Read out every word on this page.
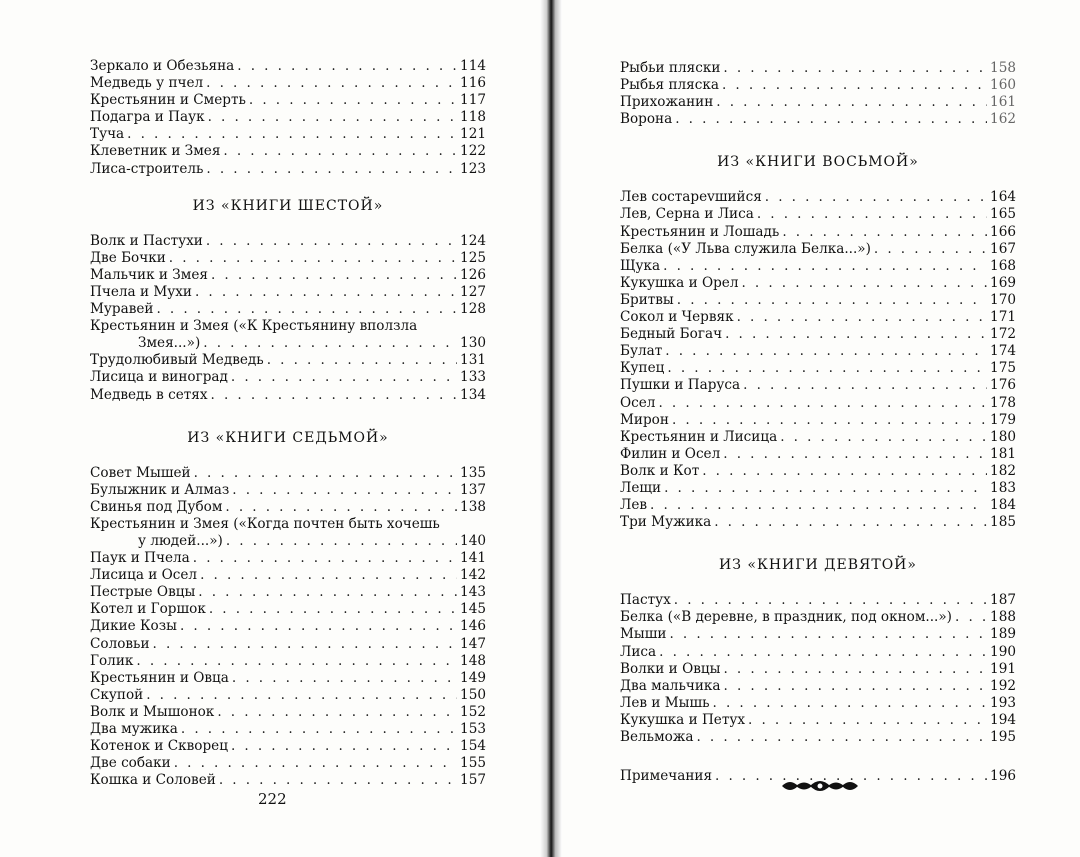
Зеркало и Обезьяна . . .	114
Медведь у пчел . . .	116
Крестьянин и Смерть . . .	117
Подагра и Паук . . .	118
Туча . . .	121
Клеветник и Змея . . .	122
Лиса-строитель . . .	123
ИЗ «КНИГИ ШЕСТОЙ»
Волк и Пастухи . . .	124
Две Бочки . . .	125
Мальчик и Змея . . .	126
Пчела и Мухи . . .	127
Муравей . . .	128
Крестьянин и Змея («К Крестьянину вползла
Змея...») . . .	130
Трудолюбивый Медведь . . .	131
Лисица и виноград . . .	133
Медведь в сетях . . .	134
ИЗ «КНИГИ СЕДЬМОЙ»
Совет Мышей . . .	135
Булыжник и Алмаз . . .	137
Свинья под Дубом . . .	138
Крестьянин и Змея («Когда почтен быть хочешь
у людей...») . . .	140
Паук и Пчела . . .	141
Лисица и Осел . . .	142
Пестрые Овцы . . .	143
Котел и Горшок . . .	145
Дикие Козы . . .	146
Соловьи . . .	147
Голик . . .	148
Крестьянин и Овца . . .	149
Скупой . . .	150
Волк и Мышонок . . .	152
Два мужика . . .	153
Котенок и Скворец . . .	154
Две собаки . . .	155
Кошка и Соловей . . .	157
222
Рыбьи пляски . . .	158
Рыбья пляска . . .	160
Прихожанин . . .	161
Ворона . . .	162
ИЗ «КНИГИ ВОСЬМОЙ»
Лев состарevшийся . . .	164
Лев, Серна и Лиса . . .	165
Крестьянин и Лошадь . . .	166
Белка («У Льва служила Белка...») . . .	167
Щука . . .	168
Кукушка и Орел . . .	169
Бритвы . . .	170
Сокол и Червяк . . .	171
Бедный Богач . . .	172
Булат . . .	174
Купец . . .	175
Пушки и Паруса . . .	176
Осел . . .	178
Мирон . . .	179
Крестьянин и Лисица . . .	180
Филин и Осел . . .	181
Волк и Кот . . .	182
Лещи . . .	183
Лев . . .	184
Три Мужика . . .	185
ИЗ «КНИГИ ДЕВЯТОЙ»
Пастух . . .	187
Белка («В деревне, в праздник, под окном...») . . .	188
Мыши . . .	189
Лиса . . .	190
Волки и Овцы . . .	191
Два мальчика . . .	192
Лев и Мышь . . .	193
Кукушка и Петух . . .	194
Вельможа . . .	195
Примечания . . .	196
